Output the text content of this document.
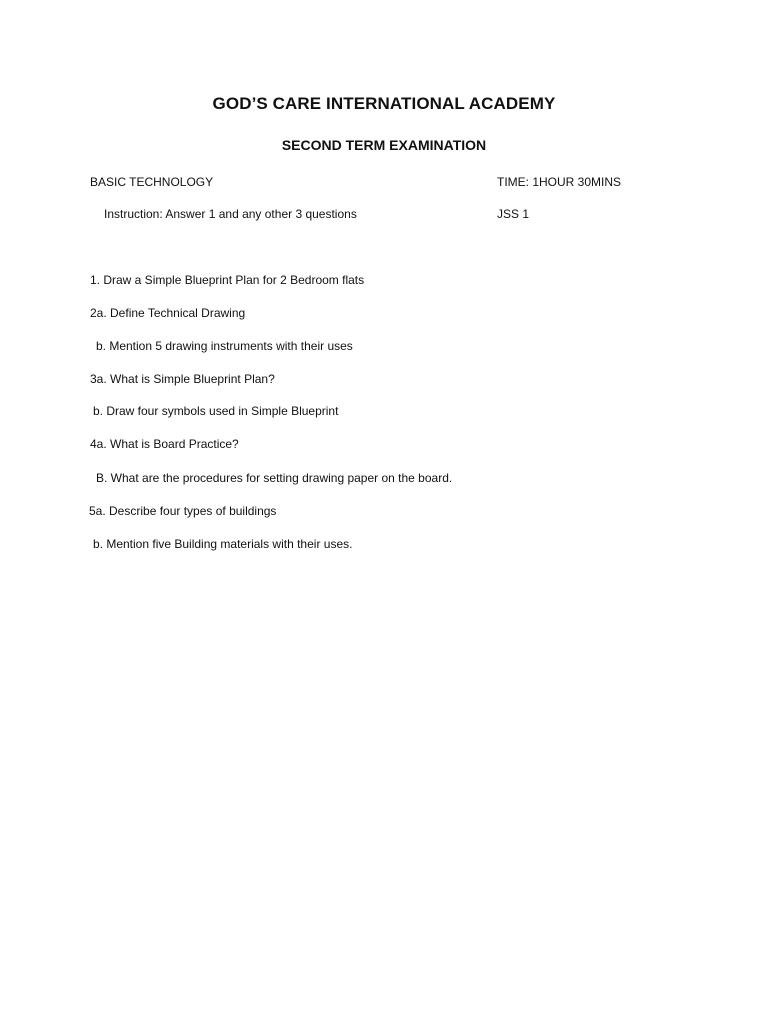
GOD’S CARE INTERNATIONAL ACADEMY
SECOND TERM EXAMINATION
BASIC TECHNOLOGY	TIME: 1HOUR 30MINS
Instruction: Answer 1 and any other 3 questions	JSS 1
1. Draw a Simple Blueprint Plan for 2 Bedroom flats
2a. Define Technical Drawing
b. Mention 5 drawing instruments with their uses
3a. What is Simple Blueprint Plan?
b. Draw four symbols used in Simple Blueprint
4a. What is Board Practice?
B. What are the procedures for setting drawing paper on the board.
5a. Describe four types of buildings
b. Mention five Building materials with their uses.
